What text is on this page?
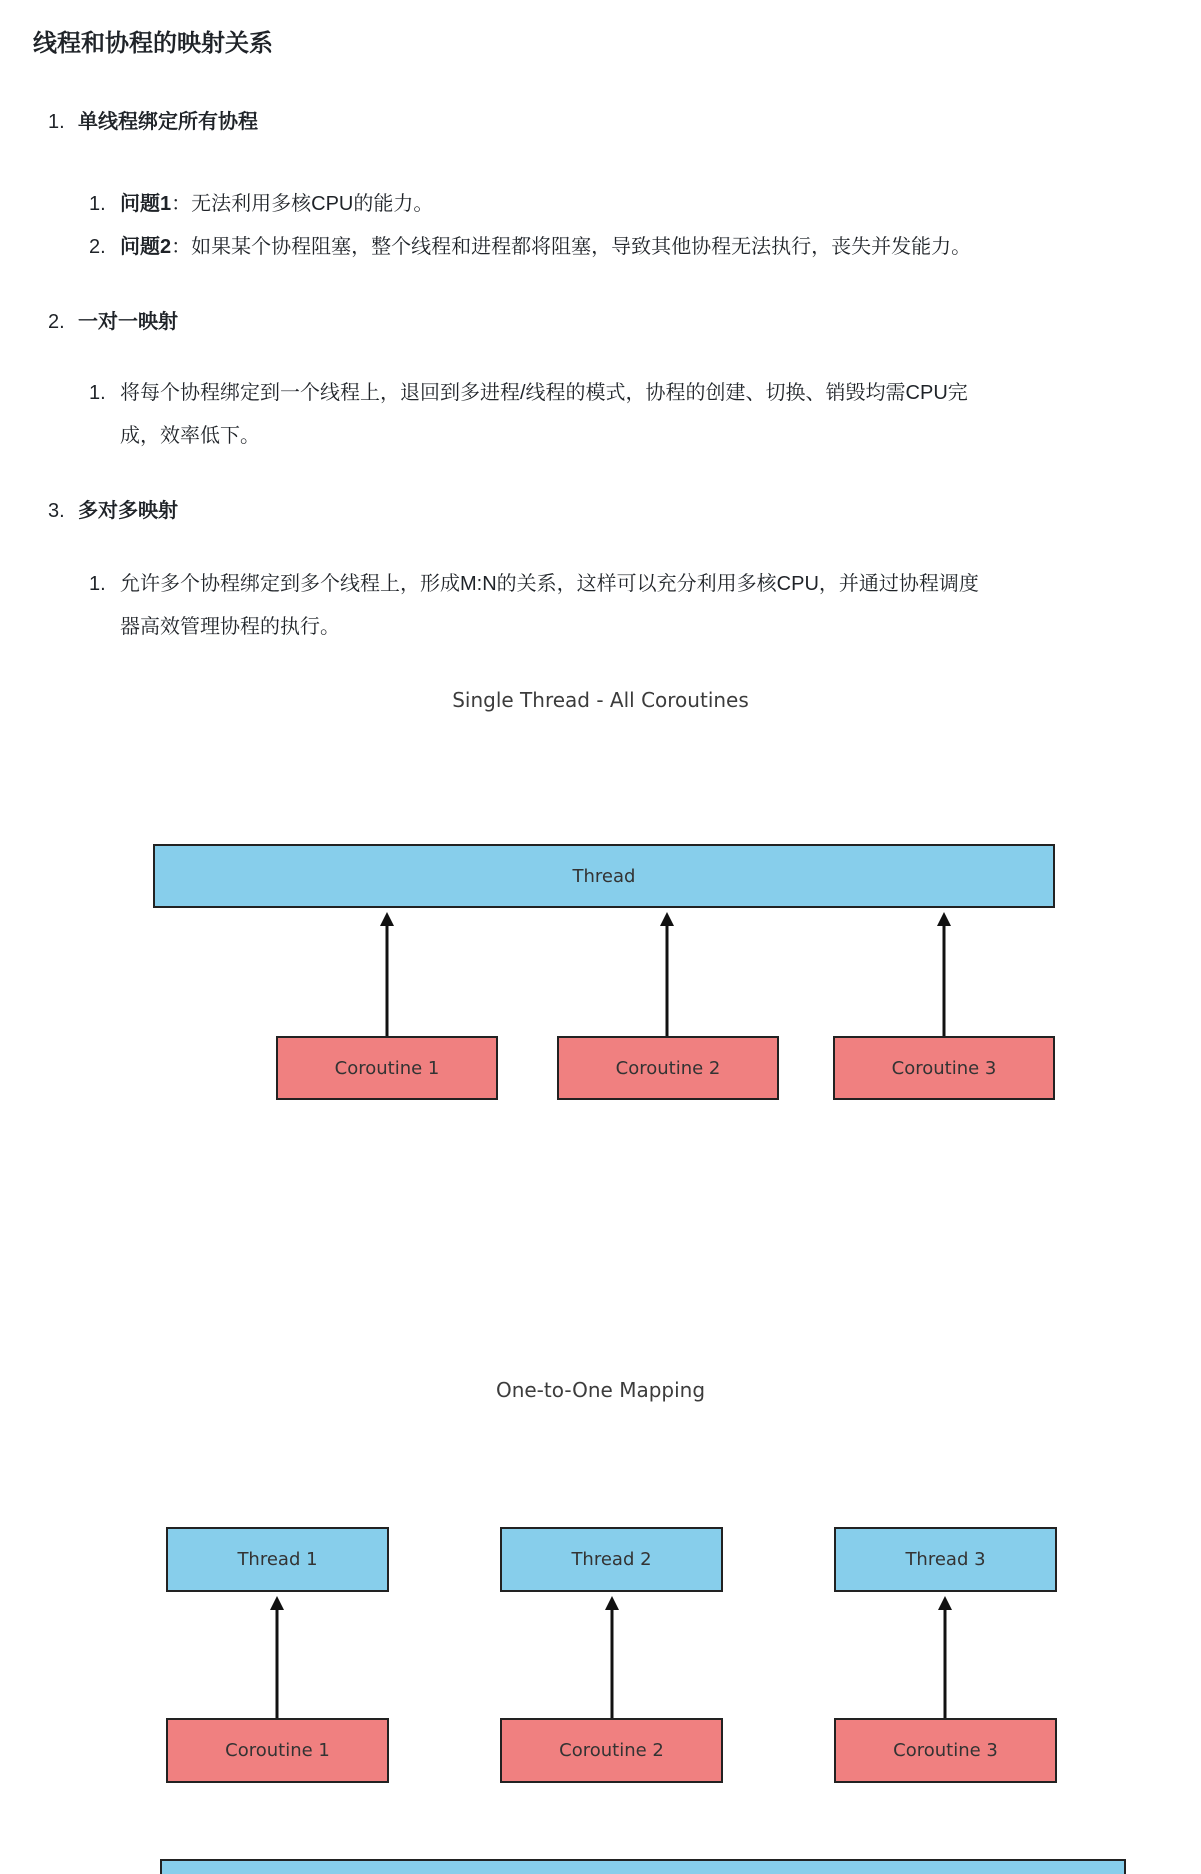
线程和协程的映射关系
单线程绑定所有协程
问题1：无法利用多核CPU的能力。
问题2：如果某个协程阻塞，整个线程和进程都将阻塞，导致其他协程无法执行，丧失并发能力。
一对一映射
将每个协程绑定到一个线程上，退回到多进程/线程的模式，协程的创建、切换、销毁均需CPU完成，效率低下。
多对多映射
允许多个协程绑定到多个线程上，形成M:N的关系，这样可以充分利用多核CPU，并通过协程调度器高效管理协程的执行。
Single Thread - All Coroutines
Thread
Coroutine 1	Coroutine 2	Coroutine 3
One-to-One Mapping
Thread 1	Thread 2	Thread 3
Coroutine 1	Coroutine 2	Coroutine 3
